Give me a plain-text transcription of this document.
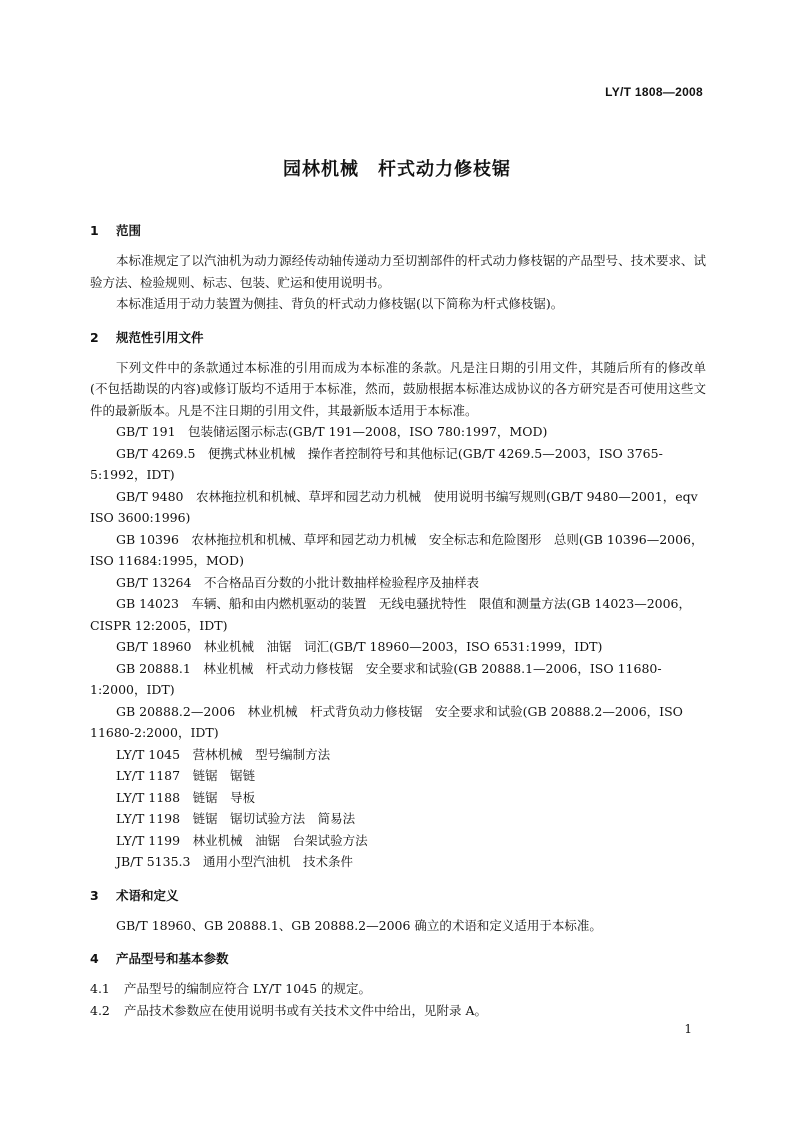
LY/T 1808—2008
园林机械　杆式动力修枝锯
1 范围

本标准规定了以汽油机为动力源经传动轴传递动力至切割部件的杆式动力修枝锯的产品型号、技术要求、试验方法、检验规则、标志、包装、贮运和使用说明书。

本标准适用于动力装置为侧挂、背负的杆式动力修枝锯(以下简称为杆式修枝锯)。

2 规范性引用文件

下列文件中的条款通过本标准的引用而成为本标准的条款。凡是注日期的引用文件，其随后所有的修改单(不包括勘误的内容)或修订版均不适用于本标准，然而，鼓励根据本标准达成协议的各方研究是否可使用这些文件的最新版本。凡是不注日期的引用文件，其最新版本适用于本标准。

GB/T 191　包装储运图示标志(GB/T 191—2008，ISO 780:1997，MOD)

GB/T 4269.5　便携式林业机械　操作者控制符号和其他标记(GB/T 4269.5—2003，ISO 3765-5:1992，IDT)

GB/T 9480　农林拖拉机和机械、草坪和园艺动力机械　使用说明书编写规则(GB/T 9480—2001，eqv ISO 3600:1996)

GB 10396　农林拖拉机和机械、草坪和园艺动力机械　安全标志和危险图形　总则(GB 10396—2006，ISO 11684:1995，MOD)

GB/T 13264　不合格品百分数的小批计数抽样检验程序及抽样表

GB 14023　车辆、船和由内燃机驱动的装置　无线电骚扰特性　限值和测量方法(GB 14023—2006，CISPR 12:2005，IDT)

GB/T 18960　林业机械　油锯　词汇(GB/T 18960—2003，ISO 6531:1999，IDT)

GB 20888.1　林业机械　杆式动力修枝锯　安全要求和试验(GB 20888.1—2006，ISO 11680-1:2000，IDT)

GB 20888.2—2006　林业机械　杆式背负动力修枝锯　安全要求和试验(GB 20888.2—2006，ISO 11680-2:2000，IDT)

LY/T 1045　营林机械　型号编制方法

LY/T 1187　链锯　锯链

LY/T 1188　链锯　导板

LY/T 1198　链锯　锯切试验方法　简易法

LY/T 1199　林业机械　油锯　台架试验方法

JB/T 5135.3　通用小型汽油机　技术条件

3 术语和定义

GB/T 18960、GB 20888.1、GB 20888.2—2006 确立的术语和定义适用于本标准。

4 产品型号和基本参数

4.1 产品型号的编制应符合 LY/T 1045 的规定。

4.2 产品技术参数应在使用说明书或有关技术文件中给出，见附录 A。

1
